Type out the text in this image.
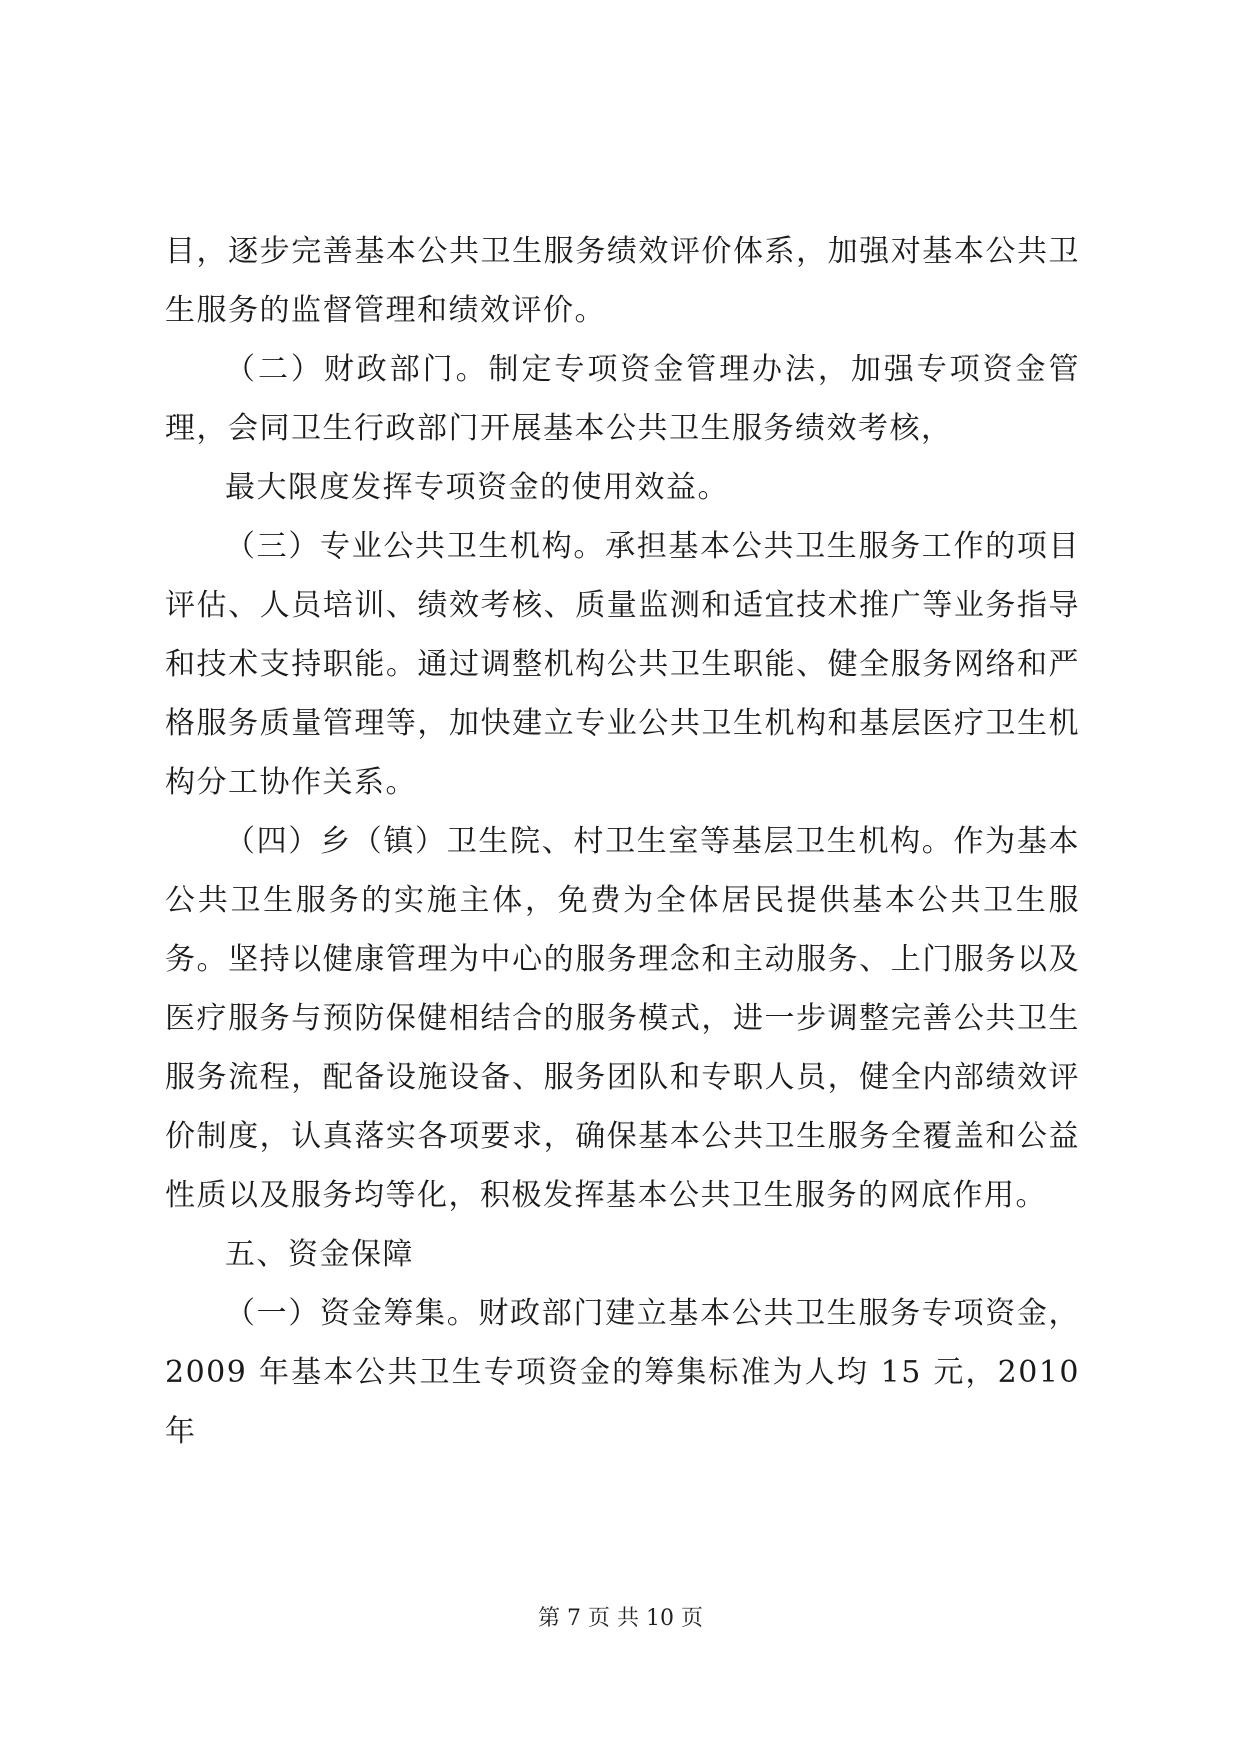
目，逐步完善基本公共卫生服务绩效评价体系，加强对基本公共卫生服务的监督管理和绩效评价。

（二）财政部门。制定专项资金管理办法，加强专项资金管理，会同卫生行政部门开展基本公共卫生服务绩效考核，

最大限度发挥专项资金的使用效益。

（三）专业公共卫生机构。承担基本公共卫生服务工作的项目评估、人员培训、绩效考核、质量监测和适宜技术推广等业务指导和技术支持职能。通过调整机构公共卫生职能、健全服务网络和严格服务质量管理等，加快建立专业公共卫生机构和基层医疗卫生机构分工协作关系。

（四）乡（镇）卫生院、村卫生室等基层卫生机构。作为基本公共卫生服务的实施主体，免费为全体居民提供基本公共卫生服务。坚持以健康管理为中心的服务理念和主动服务、上门服务以及医疗服务与预防保健相结合的服务模式，进一步调整完善公共卫生服务流程，配备设施设备、服务团队和专职人员，健全内部绩效评价制度，认真落实各项要求，确保基本公共卫生服务全覆盖和公益性质以及服务均等化，积极发挥基本公共卫生服务的网底作用。

五、资金保障

（一）资金筹集。财政部门建立基本公共卫生服务专项资金，2009 年基本公共卫生专项资金的筹集标准为人均 15 元，2010 年

第 7 页 共 10 页
